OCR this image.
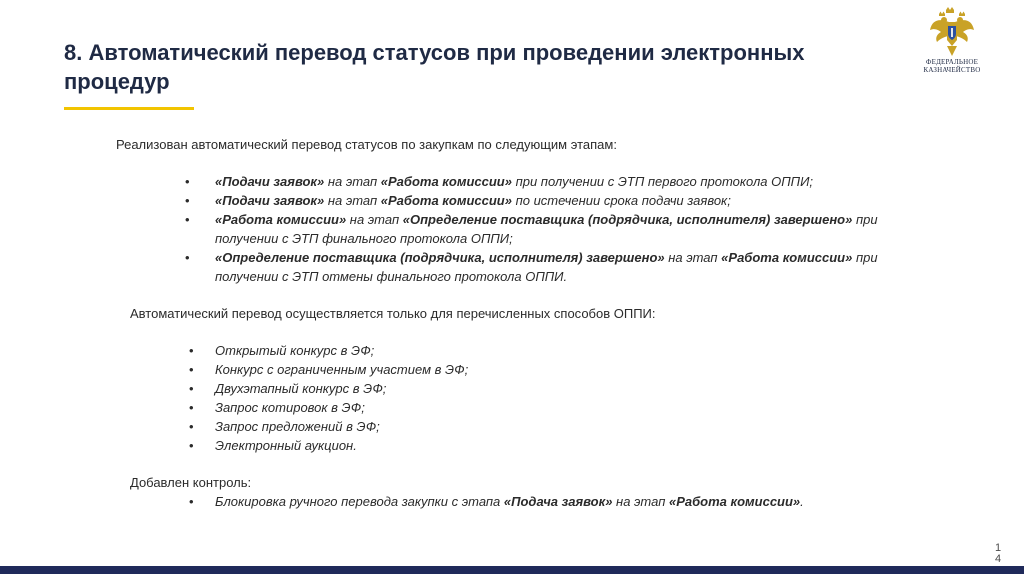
8. Автоматический перевод статусов при проведении электронных процедур
ФЕДЕРАЛЬНОЕ
КАЗНАЧЕЙСТВО
Реализован автоматический перевод статусов по закупкам по следующим этапам:
• «Подачи заявок» на этап «Работа комиссии» при получении с ЭТП первого протокола ОППИ;
• «Подачи заявок» на этап «Работа комиссии» по истечении срока подачи заявок;
• «Работа комиссии» на этап «Определение поставщика (подрядчика, исполнителя) завершено» при получении с ЭТП финального протокола ОППИ;
• «Определение поставщика (подрядчика, исполнителя) завершено» на этап «Работа комиссии» при получении с ЭТП отмены финального протокола ОППИ.
Автоматический перевод осуществляется только для перечисленных способов ОППИ:
• Открытый конкурс в ЭФ;
• Конкурс с ограниченным участием в ЭФ;
• Двухэтапный конкурс в ЭФ;
• Запрос котировок в ЭФ;
• Запрос предложений в ЭФ;
• Электронный аукцион.
Добавлен контроль:
• Блокировка ручного перевода закупки с этапа «Подача заявок» на этап «Работа комиссии».
1 4
